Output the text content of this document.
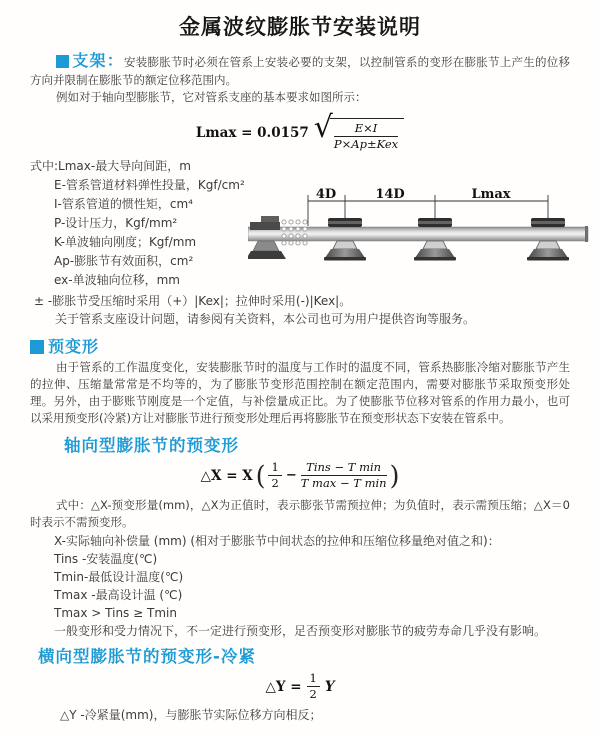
金属波纹膨胀节安装说明

支架：安装膨胀节时必须在管系上安装必要的支架，以控制管系的变形在膨胀节上产生的位移方向并限制在膨胀节的额定位移范围内。

例如对于轴向型膨胀节，它对管系支座的基本要求如图所示：

Lmax = 0.0157 √ $\frac{E\times I}{\text{P×Ap±Kex}}$
式中:Lmax-最大导向间距，m
E-管系管道材料弹性投量，Kgf/cm²
I-管系管道的惯性矩，cm⁴
P-设计压力，Kgf/mm²
K-单波轴向刚度；Kgf/mm
Ap-膨胀节有效面积，cm²
ex-单波轴向位移，mm
4D	14D	Lmax
± -膨胀节受压缩时采用（+）|Kex|；拉伸时采用(-)|Kex|。
关于管系支座设计问题，请参阅有关资料，本公司也可为用户提供咨询等服务。
预变形

由于管系的工作温度变化，安装膨胀节时的温度与工作时的温度不同，管系热膨胀冷缩对膨胀节产生的拉伸、压缩量常常是不均等的，为了膨胀节变形范围控制在额定范围内，需要对膨胀节采取预变形处理。另外，由于膨账节刚度是一个定值，与补偿量成正比。为了使膨胀节位移对管系的作用力最小，也可以采用预变形(冷紧)方让对膨胀节进行预变形处理后再将膨胀节在预变形状态下安装在管系中。

轴向型膨胀节的预变形
△X = X ( $\frac{1}{2} - \frac{\text{Tins − T min}}{\text{T max − T min}}$ )

式中：△X-预变形量(mm)，△X为正值时，表示膨张节需预拉伸；为负值时，表示需预压缩；△X＝0时表示不需预变形。

X-实际轴向补偿量 (mm) (相对于膨胀节中间状态的拉伸和压缩位移量绝对值之和)：
Tins -安装温度(℃)
Tmin-最低设计温度(℃)
Tmax -最高设计温 (℃)
Tmax > Tins ≥ Tmin
一般变形和受力情况下，不一定进行预变形，足否预变形对膨胀节的疲劳寿命几乎没有影响。
横向型膨胀节的预变形-冷紧
△Y = $\frac{1}{2}$ Y

△Y -冷紧量(mm)，与膨胀节实际位移方向相反；
